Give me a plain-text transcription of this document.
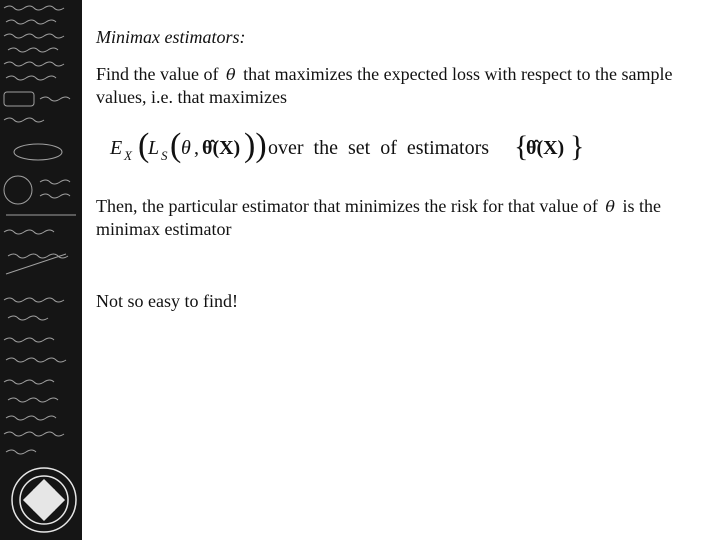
Minimax estimators:
Find the value of θ that maximizes the expected loss with respect to the sample values, i.e. that maximizes
E X (
L S ( θ , θ̂(X) )) over  the  set  of  estimators {
θ̂(X) }
Then, the particular estimator that minimizes the risk for that value of θ is the minimax estimator
Not so easy to find!
